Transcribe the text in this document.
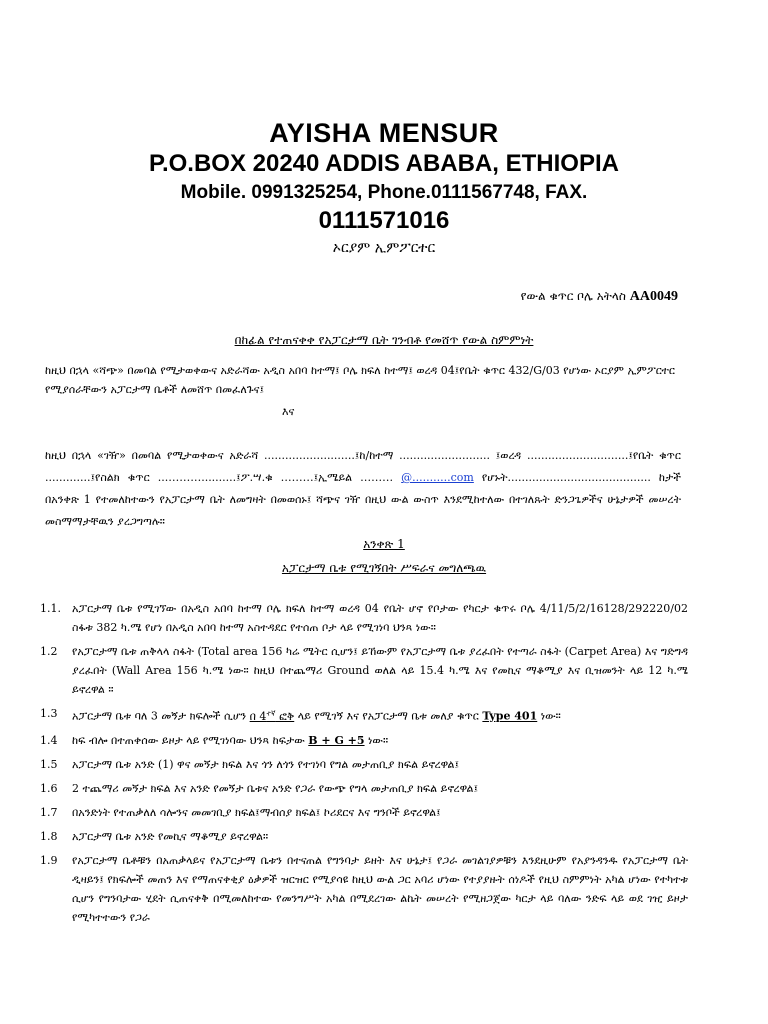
AYISHA MENSUR
P.O.BOX 20240 ADDIS ABABA, ETHIOPIA
Mobile. 0991325254, Phone.0111567748, FAX.
0111571016
ኦርያም ኢምፖርተር
የውል ቁጥር ቦሌ አትላስ AA0049
በከፊል የተጠናቀቀ የአፓርታማ ቤት ገንብቶ የመሸጥ የውል ስምምነት
ከዚህ በኋላ «ሻጭ» በመባል የሚታወቀውና አድራሻው አዲስ አበባ ከተማ፤ ቦሌ ክፍለ ከተማ፤ ወረዳ 04፤የቤት ቁጥር 432/G/03 የሆነው ኦርያም ኢምፖርተር የሚያሰራቸውን አፓርታማ ቤቶች ለመሸጥ በመፈለጉና፤
እና
ከዚህ በኋላ «ገዥ» በመባል የሚታወቀውና አድራሻ ..........................፤ከ/ከተማ .......................... ፤ወረዳ .............................፤የቤት ቁጥር .............፤የስልክ ቁጥር ...………..........፤ፖ.ሣ.ቁ ………፤ኢሜይል ……… @...........com የሆኑት......................................... ከታች በአንቀጽ 1 የተመለከተውን የአፓርታማ ቤት ለመግዛት በመወሰኑ፤ ሻጭና ገዥ በዚህ ውል ውስጥ እንደሚከተለው በተገለጹት ድንጋጌዎችና ሁኔታዎች መሠረት መስማማታቸዉን ያረጋግጣሉ።
አንቀጽ 1
አፓርታማ ቤቱ የሚገኝበት ሥፍራና መግለጫዉ
1.1.	አፓርታማ ቤቱ የሚገኘው በአዲስ አበባ ከተማ ቦሌ ክፍለ ከተማ ወረዳ 04 የቤት ሆኖ የቦታው የካርታ ቁጥሩ ቦሌ 4/11/5/2/16128/292220/02 ስፋቱ 382 ካ.ሜ የሆነ በአዲስ አበባ ከተማ አስተዳደር የተሰጠ ቦታ ላይ የሚገነባ ህንጻ ነው።
1.2	የአፓርታማ ቤቱ ጠቅላላ ስፋት (Total area 156 ካሬ ሜትር ሲሆን፤ ይኸውም የአፓርታማ ቤቱ ያረፈበት የተጣራ ስፋት (Carpet Area) እና ግድግዳ ያረፈበት (Wall Area 156 ካ.ሜ ነው። ከዚህ በተጨማሪ Ground ወለል ላይ 15.4 ካ.ሜ እና የመኪና ማቆሚያ እና ቢዝመንት ላይ 12 ካ.ሜ ይኖረዋል ።
1.3	አፓርታማ ቤቱ ባለ 3 መኝታ ክፍሎች ሲሆን በ $4^{ተኛ}$ ፎቅ ላይ የሚገኝ እና የአፓርታማ ቤቱ መለያ ቁጥር Type 401 ነው።
1.4	ከፍ ብሎ በተጠቀሰው ይዞታ ላይ የሚገነባው ህንጻ ከፍታው B + G +5 ነው።
1.5	አፓርታማ ቤቱ አንድ (1) ዋና መኝታ ክፍል እና ጎን ለጎን የተገነባ የግል መታጠቢያ ክፍል ይኖረዋል፤
1.6	2 ተጨማሪ መኝታ ክፍል እና አንድ የመኝታ ቤቱና አንድ የጋራ የውጭ የግላ መታጠቢያ ክፍል ይኖረዋል፤
1.7	በአንድነት የተጠቃለለ ሳሎንና መመገቢያ ክፍል፤ማብሰያ ክፍል፤ ኮሪደርና እና ግንቦች ይኖረዋል፤
1.8	አፓርታማ ቤቱ አንድ የመኪና ማቆሚያ ይኖረዋል።
1.9	የአፓርታማ ቤቶቹን በአጠቃላይና የአፓርታማ ቤቱን በተናጠል የግንባታ ይዘት እና ሁኔታ፤ የጋራ መገልገያዎቹን እንደዚሁም የአያንዳንዱ የአፓርታማ ቤት ዲዛይን፤ የክፍሎች መጠን እና የማጠናቀቂያ ዕቃዎች ዝርዝር የሚያሳዩ ከዚህ ውል ጋር አባሪ ሆነው የተያያዙት ሰነዶች የዚህ ስምምነት አካል ሆነው የተካተቱ ሲሆን የግንባታው ሂደት ሲጠናቀቅ በሚመለከተው የመንግሥት አካል በሚደረገው ልኬት መሠረት የሚዘጋጀው ካርታ ላይ ባለው ንድፍ ላይ ወደ ገዢ ይዞታ የሚካተተውን የጋራ
